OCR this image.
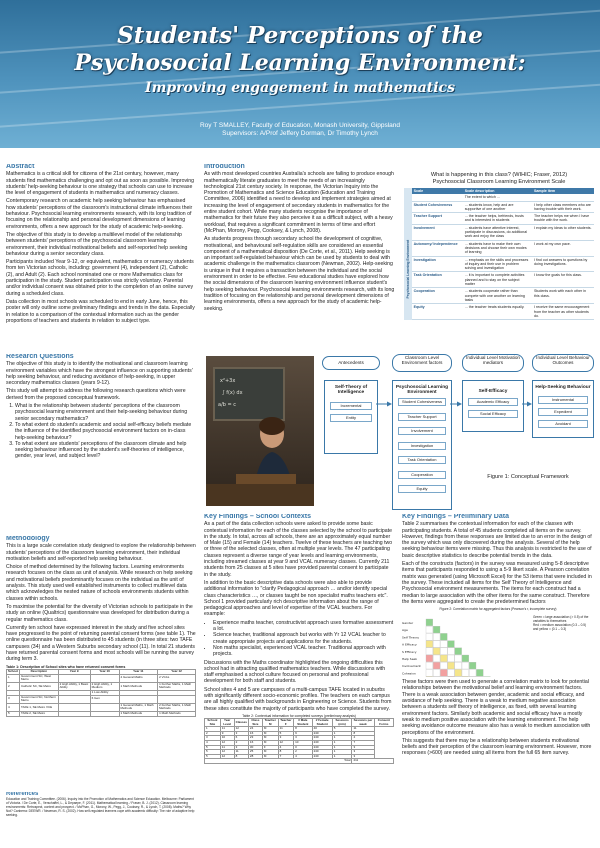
Students' Perceptions of the
Psychosocial Learning Environment:
Improving engagement in mathematics
Roy T SMALLEY, Faculty of Education, Monash University, Gippsland
Supervisors: A/Prof Jeffery Dorman, Dr Timothy Lynch
Abstract

Mathematics is a critical skill for citizens of the 21st century, however, many students find mathematics challenging and opt out as soon as possible. Improving students' help-seeking behaviour is one strategy that schools can use to increase the level of engagement of students in mathematics and numeracy classes.

Contemporary research on academic help seeking behaviour has emphasised how students' perceptions of the classroom's instructional climate influences their behaviour. Psychosocial learning environments research, with its long tradition of focusing on the relationship and personal development dimensions of learning environments, offers a new approach for the study of academic help-seeking.

The objective of this study is to develop a multilevel model of the relationship between students' perceptions of the psychosocial classroom learning environment, their individual motivational beliefs and self-reported help seeking behaviour during a senior secondary class.

Participants included Year 9-12, or equivalent, mathematics or numeracy students from ten Victorian schools, including: government (4), independent (2), Catholic (2), and Adult (2). Each school nominated one or more Mathematics class for participation in the study. Student participation was strictly voluntary. Parental and/or individual consent was obtained prior to the completion of an online survey during a scheduled class.

Data collection in most schools was scheduled to end in early June, hence, this poster will only outline some preliminary findings and trends in the data. Especially in relation to a comparison of the contextual information such as the gender proportions of teachers and students in relation to subject type.

Introduction

As with most developed countries Australia's schools are failing to produce enough mathematically literate graduates to meet the needs of an increasingly technological 21st century society. In response, the Victorian Inquiry into the Promotion of Mathematics and Science Education (Education and Training Committee, 2006) identified a need to develop and implement strategies aimed at increasing the level of engagement of secondary students in mathematics for the entire student cohort. While many students recognise the importance of mathematics for their future they also perceive it as a difficult subject, with a heavy workload, that requires a significant commitment in terms of time and effort (McPhan, Morony, Pegg, Cooksey, & Lynch, 2008).

As students progress through secondary school the development of cognitive, motivational, and behavioural self-regulation skills are considered an essential component of a mathematical disposition (De Corte, et al., 2011). Help seeking is an important self-regulated behaviour which can be used by students to deal with academic challenge in the mathematics classroom (Newman, 2002). Help-seeking is unique in that it requires a transaction between the individual and the social environment in order to be effective. Few educational studies have explored how the social dimensions of the classroom learning environment influence student's help seeking behaviour. Psychosocial learning environments research, with its long tradition of focusing on the relationship and personal development dimensions of learning environments, offers a new approach for the study of academic help-seeking.

What is happening in this class? (WIHIC; Fraser, 2012)
Psychosocial Classroom Learning Environment Scale
Psychosocial Learning Environment
Scale	Scale description	Sample item
	The extent to which ...	
Student Cohesiveness	... students know, help and are supportive of one another	I help other class members who are having trouble with their work.
Teacher Support	... the teacher helps, befriends, trusts and is interested in students	The teacher helps me when I have trouble with the work.
Involvement	... students have attentive interest, participate in discussions, do additional work and enjoy the class	I explain my ideas to other students.
Autonomy/ Independence	... students have to make their own decisions and choose their own modes of learning	I work at my own pace.
Investigation	... emphasis on the skills and processes of inquiry and their use in problem solving and investigation	I find out answers to questions by doing investigations.
Task Orientation	... it is important to complete activities planned and to stay on the subject matter	I know the goals for this class.
Cooperation	... students cooperate rather than compete with one another on learning tasks	Students work with each other in this class.
Equity	... the teacher treats students equally.	I receive the same encouragement from the teacher as other students do.
Research Questions

The objective of this study is to identify the motivational and classroom learning environment variables which have the strongest influence on supporting students' help seeking behaviour, and reducing avoidance of help-seeking, in upper secondary mathematics classes (years 9-12).

This study will attempt to address the following research questions which were derived from the proposed conceptual framework.

1. What is the relationship between students' perceptions of the classroom psychosocial learning environment and their help-seeking behaviour during senior secondary mathematics?
2. To what extent do student's academic and social self-efficacy beliefs mediate the influence of the identified psychosocial environment factors on in-class help-seeking behaviour?
3. To what extent are students' perceptions of the classroom climate and help seeking behaviour influenced by the student's self-theories of intelligence, gender, year level, and subject level?
x²+3x
∫ f(x) dx
a/b = c
Antecedents
Classroom Level Environment factors
Individual Level Motivation mediators
Individual Level Behaviour Outcomes
Self-Theory of Intelligence
Psychosocial Learning Environment	Self-Efficacy
Help-Seeking Behaviour
Incremental
Entity
Student Cohesiveness
Teacher Support
Involvement
Investigation
Task Orientation
Cooperation
Equity
Academic Efficacy
Social Efficacy
Instrumental
Expedient
Avoidant
Figure 1: Conceptual Framework
Methodology

This is a large scale correlation study designed to explore the relationship between students' perceptions of the classroom learning environment, their individual motivation beliefs and self-reported help seeking behaviour.

Choice of method determined by the following factors. Learning environments research focuses on the class as unit of analysis. While research on help seeking and motivational beliefs predominantly focuses on the individual as the unit of analysis. This study used well established instruments to collect multilevel data which acknowledges the nested nature of schools environments students within classes within schools.

To maximise the potential for the diversity of Victorian schools to participate in the study an online (Qualtrics) questionnaire was developed for distribution during a regular mathematics class.

Currently ten school have expressed interest in the study and five school sites have progressed to the point of returning parental consent forms (see table 1). The online questionnaire has been distributed to 45 students (in three sites: two TAFE campuses (34) and a Western Suburbs secondary school (11). In total 21 students have returned parental consent forms and most schools will be running the survey during term 3.

Table 1: Description of School sites who have returned consent forms
School	Description	Year 9	Year 10	Year 11	Year 12
1	Government SC, West Metro			4 General Maths	2 VCAL
2	Catholic SC, SE Metro	2 High Ability, 1 Basic Ability	2 High Ability, 1 Medium	1 Math Methods	1 Further Maths, 1 Math Methods
			1 Low Ability		
3	Government SC, Northern Metro		6 Gen		
4	TAFE 1, SE Metro VCE			1 General Maths, 1 Math Methods	2 Further Maths, 1 Math Methods
5	TAFE 2, SE Metro			1 Math Methods	1 Math Methods
References
Education and Training Committee. (2006). Inquiry into the Promotion of Mathematics and Science Education. Melbourne: Parliament of Victoria. / De Corte, E., Verschaffel, L., & Depaepe, F. (2011). Mathematical learning. / Fraser, B. J. (2012). Classroom learning environments: Retrospect, context and prospect. / McPhan, G., Morony, W., Pegg, J., Cooksey, R., & Lynch, T. (2008). Maths? Why Not? Canberra: DEEWR. / Newman, R. S. (2002). How self-regulated learners cope with academic difficulty: The role of adaptive help seeking.
Key Findings – School Contexts

As a part of the data collection schools were asked to provide some basic contextual information for each of the classes selected by the school to participate in the study. In total, across all schools, there are an approximately equal number of Male (15) and Female (14) teachers. Twelve of these teachers are teaching two or three of the selected classes, often at multiple year levels. The 47 participating classes represent a diverse range of year levels and learning environments, including streamed classes at year 9 and VCAL numeracy classes. Currently 211 students from 25 classes at 5 sites have provided parental consent to participate in the study.

In addition to the basic descriptive data schools were also able to provide additional information to "clarify Pedagogical approach … and/or identify special class characteristics …, or classes taught be non specialist maths teachers etc". School 1 provided particularly rich descriptive information about the range of pedagogical approaches and level of expertise of the VCAL teachers. For example:

• Experience maths teacher, constructivist approach uses formative assessment a lot.
• Science teacher, traditional approach but works with Yr 12 VCAL teacher to create appropriate projects and applications for the students.
• Non maths specialist, experienced VCAL teacher. Traditional approach with projects.

Discussions with the Maths coordinator highlighted the ongoing difficulties this school had in attracting qualified mathematics teachers. While discussions with staff emphasised a school culture focused on personal and professional development for both staff and students.

School sites 4 and 5 are campuses of a multi-campus TAFE located in suburbs with significantly different socio-economic profiles. The teachers on each campus are all highly qualified with backgrounds in Engineering or Science. Students from these sites constitute the majority of participants who have completed the survey.

Table 2: Contextual information for completed surveys (preliminary analysis)
School Site	Year Level	Classes	Class Size	Teacher M	Teacher F	# Male Student	# Female Student	Sessions (min)	Sessions per week	Consent Forms
1	11	12	24	M	11	8	40	5	11	
2	9	3	16	M	5	9	240	1	8	
3	10	6	23	M	3	3	240	1	4	
4	12	2	16	M	12	10	240	1	7	
5	11	3	30	F	4	0	240	1	3	
5	12	11	25	M	8	2	240	1	3	
5	12	8	28	M	7	4	240	1	3	
Total									211	
Key Findings – Preliminary Data

Table 2 summarises the contextual information for each of the classes with participating students. A total of 45 students completed all items on the survey. However, findings from these responses are limited due to an error in the design of the survey which was only discovered during the analysis. Several of the help seeking behaviour items were missing. Thus this analysis is restricted to the use of basic descriptive statistics to describe potential trends in the data.

Each of the constructs (factors) in the survey was measured using 5-8 descriptive items that participants responded to using a 5-9 likert scale. A Pearson correlation matrix was generated (using Microsoft Excel) for the 53 items that were included in the survey. These included all items for the Self Theory of Intelligence and Psychosocial environment measurements. The items for each construct had a median to large association with the other items for the same construct. Therefore the items were aggregated to create the predetermined factors

Figure 2: Correlation matrix for aggregated factors (Pearson's r, incomplete survey)
Gender
Age
Self Theory
A Efficacy
S Efficacy
Help Seek
Involvement
Cohesion
Green = large association (> 0.5) of the variables to themselves
Red = medium association (0.3 – 0.5) and yellow = (0.1 – 0.3)

These factors were then used to generate a correlation matrix to look for potential relationships between the motivational belief and learning environment factors. There is a weak association between gender, academic and social efficacy, and avoidance of help seeking. There is a weak to medium negative association between a students self theory of intelligence, as fixed, with several learning environment factors. Similarly both academic and social efficacy have a mostly weak to medium positive association with the learning environment. The help seeking avoidance outcome measure also has a weak to medium association with perceptions of the environment.

This suggests that there may be a relationship between students motivational beliefs and their perception of the classroom learning environment. However, more responses (>600) are needed using all items from the full 65 item survey.
